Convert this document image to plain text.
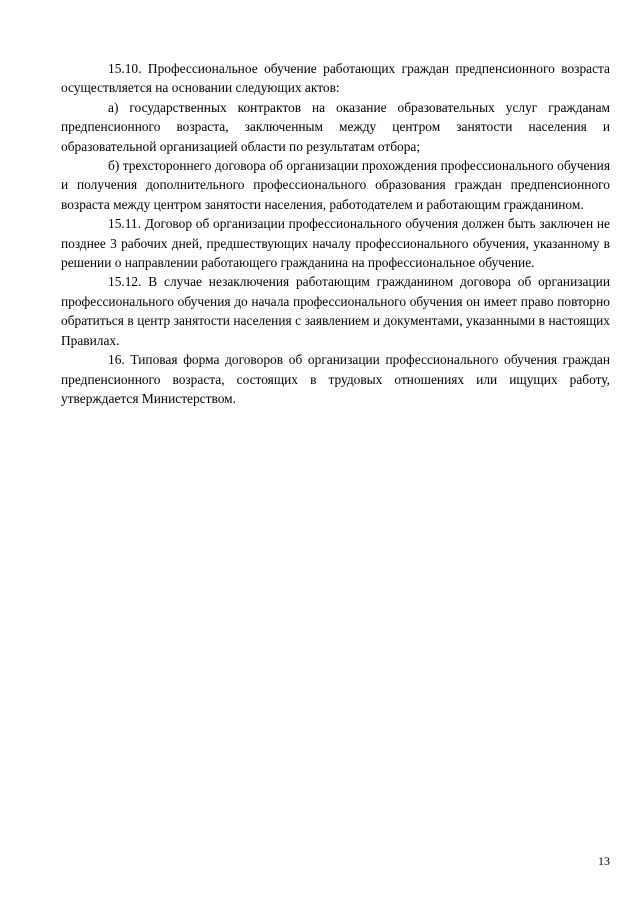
15.10. Профессиональное обучение работающих граждан предпенсионного возраста осуществляется на основании следующих актов:

а) государственных контрактов на оказание образовательных услуг гражданам предпенсионного возраста, заключенным между центром занятости населения и образовательной организацией области по результатам отбора;

б) трехстороннего договора об организации прохождения профессионального обучения и получения дополнительного профессионального образования граждан предпенсионного возраста между центром занятости населения, работодателем и работающим гражданином.

15.11. Договор об организации профессионального обучения должен быть заключен не позднее 3 рабочих дней, предшествующих началу профессионального обучения, указанному в решении о направлении работающего гражданина на профессиональное обучение.

15.12. В случае незаключения работающим гражданином договора об организации профессионального обучения до начала профессионального обучения он имеет право повторно обратиться в центр занятости населения с заявлением и документами, указанными в настоящих Правилах.

16. Типовая форма договоров об организации профессионального обучения граждан предпенсионного возраста, состоящих в трудовых отношениях или ищущих работу, утверждается Министерством.

13
